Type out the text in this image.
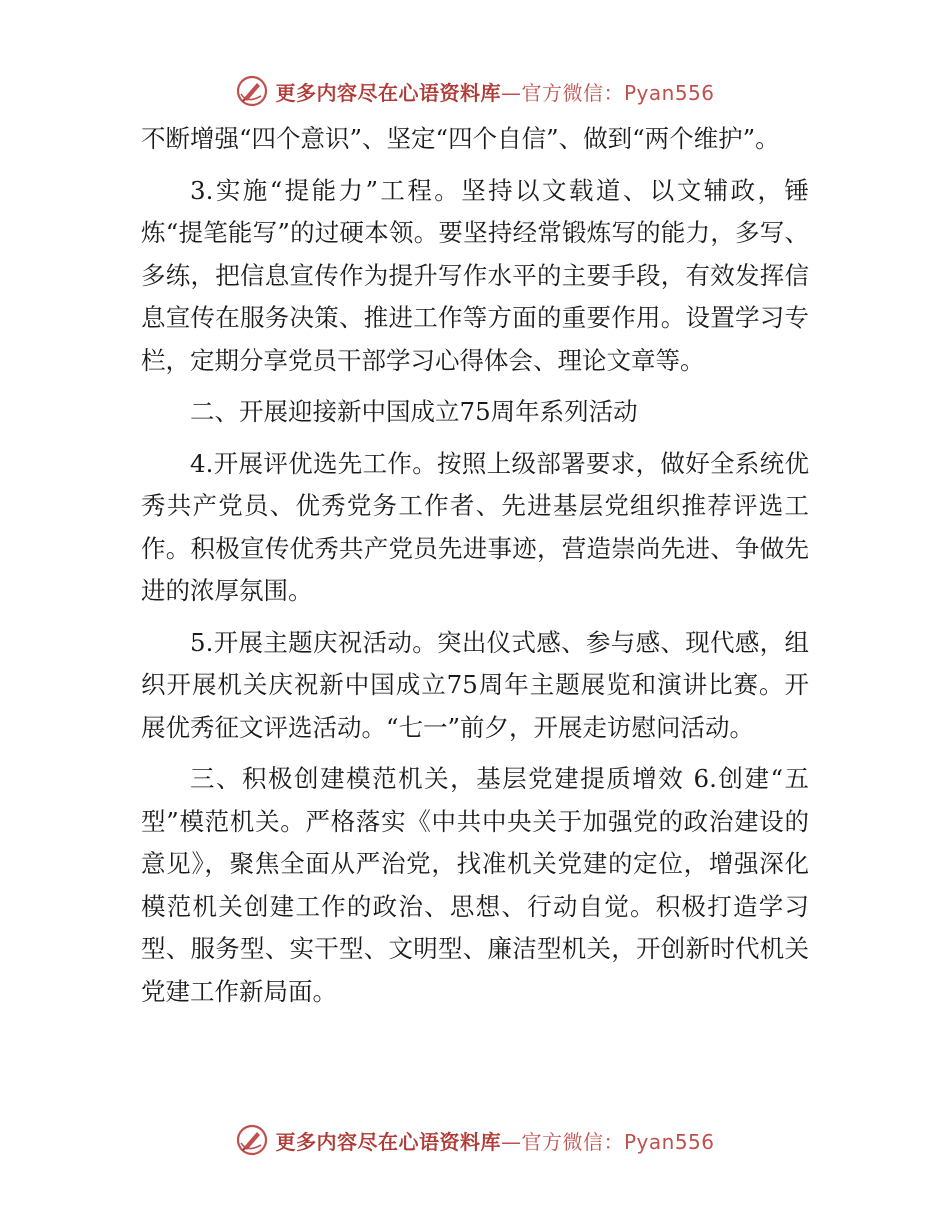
更多内容尽在心语资料库—官方微信：Pyan556

不断增强“四个意识”、坚定“四个自信”、做到“两个维护”。

3.实施“提能力”工程。坚持以文载道、以文辅政，锤炼“提笔能写”的过硬本领。要坚持经常锻炼写的能力，多写、多练，把信息宣传作为提升写作水平的主要手段，有效发挥信息宣传在服务决策、推进工作等方面的重要作用。设置学习专栏，定期分享党员干部学习心得体会、理论文章等。

二、开展迎接新中国成立75周年系列活动

4.开展评优选先工作。按照上级部署要求，做好全系统优秀共产党员、优秀党务工作者、先进基层党组织推荐评选工作。积极宣传优秀共产党员先进事迹，营造崇尚先进、争做先进的浓厚氛围。

5.开展主题庆祝活动。突出仪式感、参与感、现代感，组织开展机关庆祝新中国成立75周年主题展览和演讲比赛。开展优秀征文评选活动。“七一”前夕，开展走访慰问活动。

三、积极创建模范机关，基层党建提质增效 6.创建“五型”模范机关。严格落实《中共中央关于加强党的政治建设的意见》，聚焦全面从严治党，找准机关党建的定位，增强深化模范机关创建工作的政治、思想、行动自觉。积极打造学习型、服务型、实干型、文明型、廉洁型机关，开创新时代机关党建工作新局面。

更多内容尽在心语资料库—官方微信：Pyan556
